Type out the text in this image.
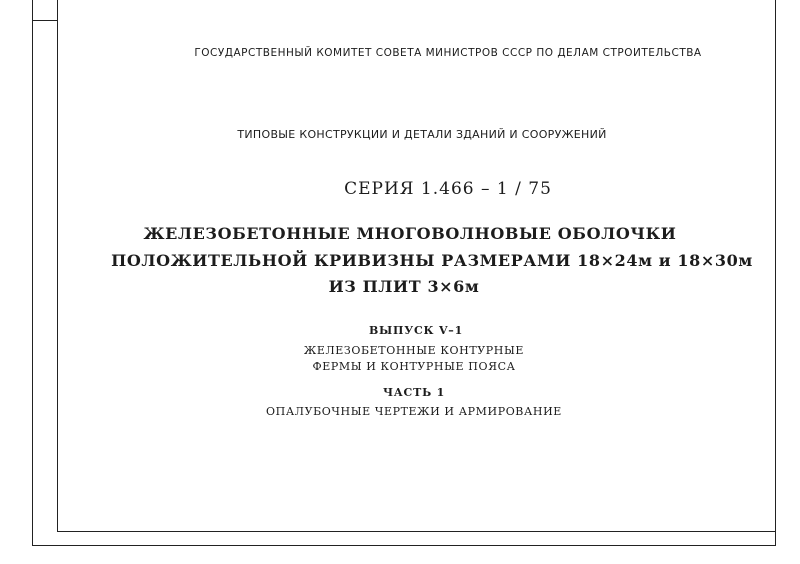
ГОСУДАРСТВЕННЫЙ КОМИТЕТ СОВЕТА МИНИСТРОВ СССР ПО ДЕЛАМ СТРОИТЕЛЬСТВА
ТИПОВЫЕ КОНСТРУКЦИИ И ДЕТАЛИ ЗДАНИЙ И СООРУЖЕНИЙ
СЕРИЯ 1.466 – 1 / 75
ЖЕЛЕЗОБЕТОННЫЕ МНОГОВОЛНОВЫЕ ОБОЛОЧКИ
ПОЛОЖИТЕЛЬНОЙ КРИВИЗНЫ РАЗМЕРАМИ 18×24м и 18×30м
ИЗ ПЛИТ 3×6м
ВЫПУСК V–1
ЖЕЛЕЗОБЕТОННЫЕ КОНТУРНЫЕ
ФЕРМЫ И КОНТУРНЫЕ ПОЯСА
ЧАСТЬ 1
ОПАЛУБОЧНЫЕ ЧЕРТЕЖИ И АРМИРОВАНИЕ
